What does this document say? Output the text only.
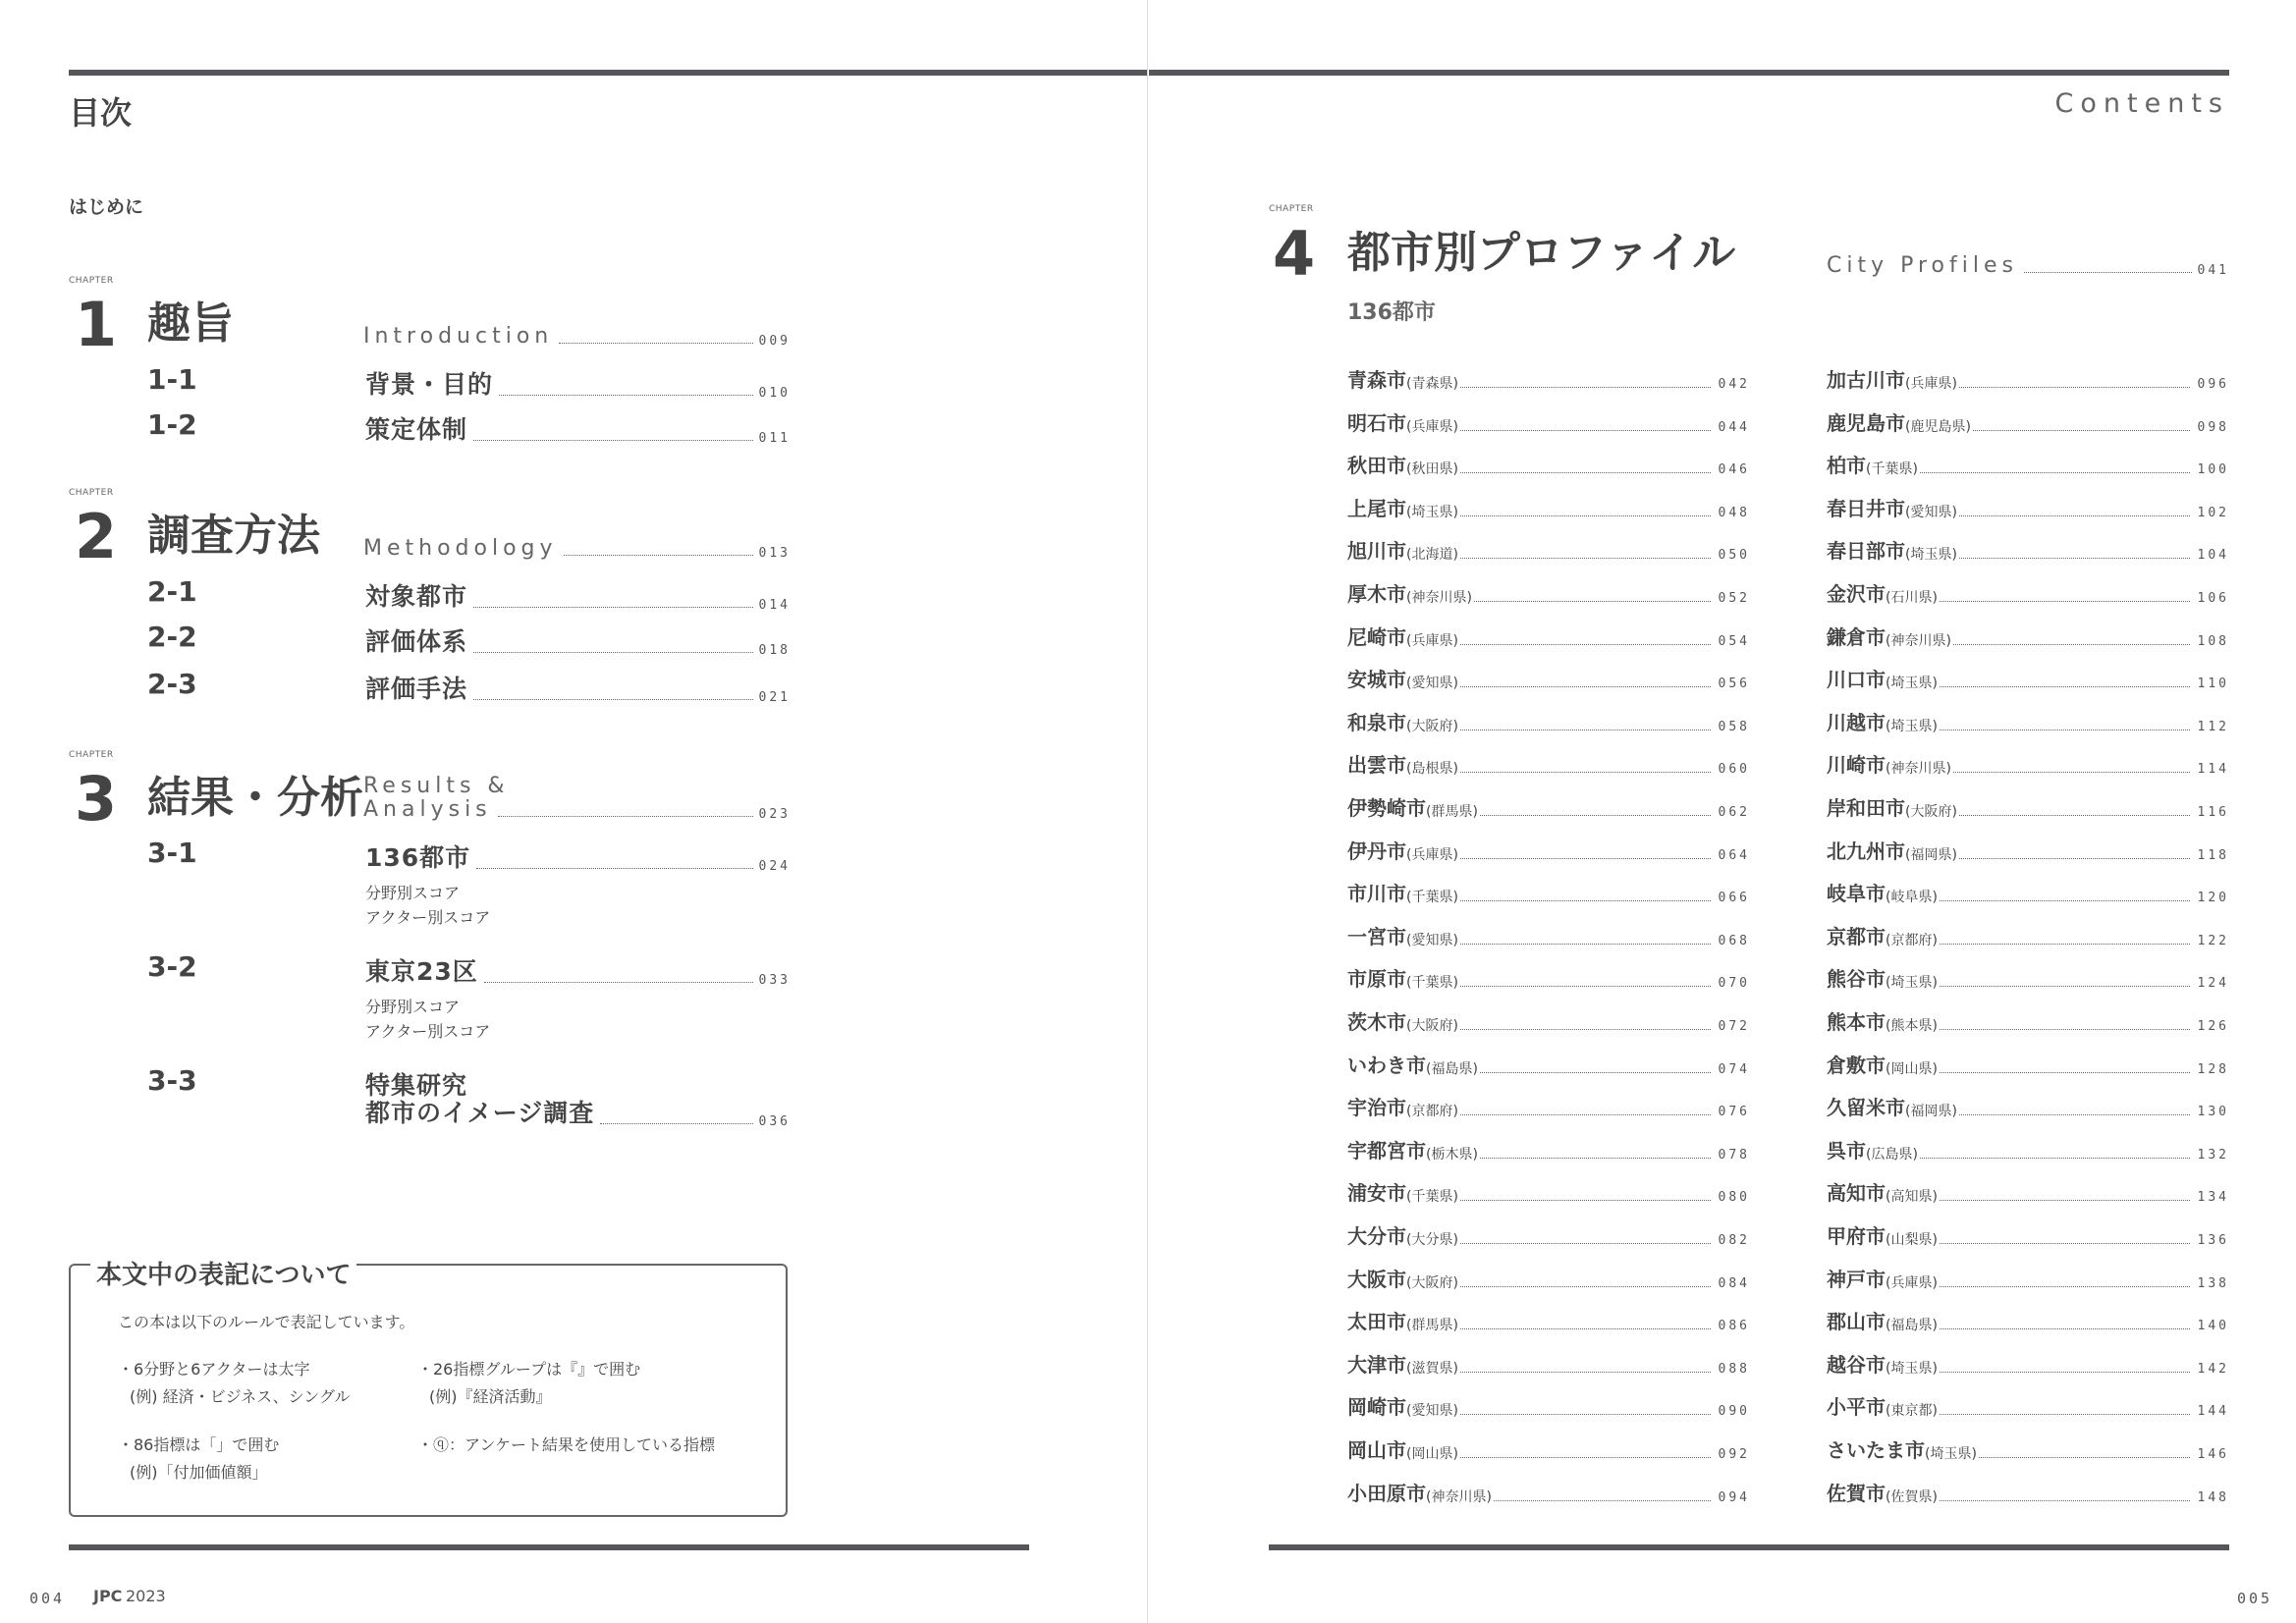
目次
はじめに
CHAPTER
1 趣旨	Introduction	009
1-1	背景・目的	010
1-2	策定体制	011
CHAPTER
2 調査方法 Methodology	013
2-1	対象都市	014
2-2	評価体系	018
2-3	評価手法	021
CHAPTER
3 結果・分析 Results &
Analysis	023
3-1	136都市	024
分野別スコア
アクター別スコア
3-2	東京23区	033
分野別スコア
アクター別スコア
3-3	特集研究
都市のイメージ調査	036
本文中の表記について
この本は以下のルールで表記しています。
・6分野と6アクターは太字
(例) 経済・ビジネス、シングル
・26指標グループは『』で囲む
(例)『経済活動』
・86指標は「」で囲む
(例)「付加価値額」
・ⓠ：アンケート結果を使用している指標
004 JPC 2023
Contents
CHAPTER
4 都市別プロファイル
136都市
City Profiles	041
青森市 (青森県)	042
明石市 (兵庫県)	044
秋田市 (秋田県)	046
上尾市 (埼玉県)	048
旭川市 (北海道)	050
厚木市 (神奈川県)	052
尼崎市 (兵庫県)	054
安城市 (愛知県)	056
和泉市 (大阪府)	058
出雲市 (島根県)	060
伊勢崎市 (群馬県)	062
伊丹市 (兵庫県)	064
市川市 (千葉県)	066
一宮市 (愛知県)	068
市原市 (千葉県)	070
茨木市 (大阪府)	072
いわき市 (福島県)	074
宇治市 (京都府)	076
宇都宮市 (栃木県)	078
浦安市 (千葉県)	080
大分市 (大分県)	082
大阪市 (大阪府)	084
太田市 (群馬県)	086
大津市 (滋賀県)	088
岡崎市 (愛知県)	090
岡山市 (岡山県)	092
小田原市 (神奈川県)	094
加古川市 (兵庫県)	096
鹿児島市 (鹿児島県)	098
柏市 (千葉県)	100
春日井市 (愛知県)	102
春日部市 (埼玉県)	104
金沢市 (石川県)	106
鎌倉市 (神奈川県)	108
川口市 (埼玉県)	110
川越市 (埼玉県)	112
川崎市 (神奈川県)	114
岸和田市 (大阪府)	116
北九州市 (福岡県)	118
岐阜市 (岐阜県)	120
京都市 (京都府)	122
熊谷市 (埼玉県)	124
熊本市 (熊本県)	126
倉敷市 (岡山県)	128
久留米市 (福岡県)	130
呉市 (広島県)	132
高知市 (高知県)	134
甲府市 (山梨県)	136
神戸市 (兵庫県)	138
郡山市 (福島県)	140
越谷市 (埼玉県)	142
小平市 (東京都)	144
さいたま市 (埼玉県)	146
佐賀市 (佐賀県)	148
005
